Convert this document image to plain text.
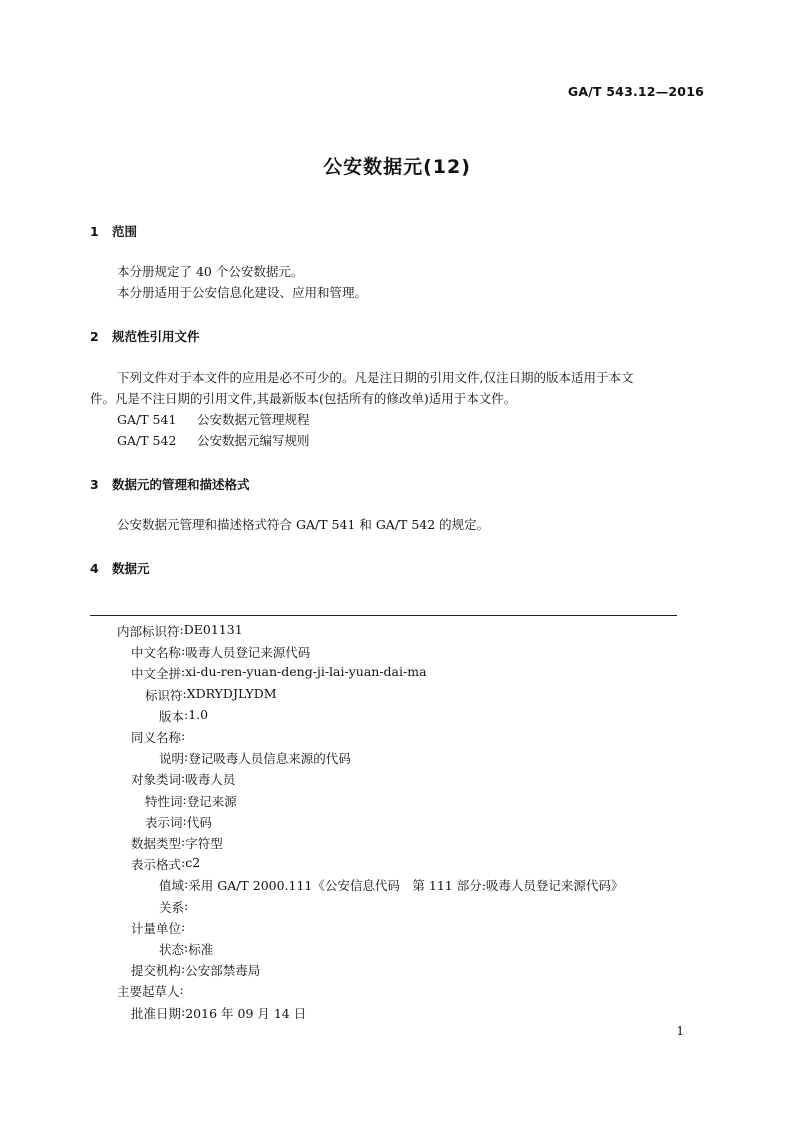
GA/T 543.12—2016
公安数据元(12)
1 范围
本分册规定了 40 个公安数据元。
本分册适用于公安信息化建设、应用和管理。
2 规范性引用文件
下列文件对于本文件的应用是必不可少的。凡是注日期的引用文件,仅注日期的版本适用于本文
件。凡是不注日期的引用文件,其最新版本(包括所有的修改单)适用于本文件。
GA/T 541 公安数据元管理规程
GA/T 542 公安数据元编写规则
3 数据元的管理和描述格式
公安数据元管理和描述格式符合 GA/T 541 和 GA/T 542 的规定。
4 数据元
内部标识符 : DE01131
中文名称 : 吸毒人员登记来源代码
中文全拼 : xi-du-ren-yuan-deng-ji-lai-yuan-dai-ma
标识符 : XDRYDJLYDM
版本 : 1.0
同义名称 :
说明 : 登记吸毒人员信息来源的代码
对象类词 : 吸毒人员
特性词 : 登记来源
表示词 : 代码
数据类型 : 字符型
表示格式 : c2
值域 : 采用 GA/T 2000.111《公安信息代码　第 111 部分:吸毒人员登记来源代码》
关系 :
计量单位 :
状态 : 标准
提交机构 : 公安部禁毒局
主要起草人 :
批准日期 : 2016 年 09 月 14 日
1
